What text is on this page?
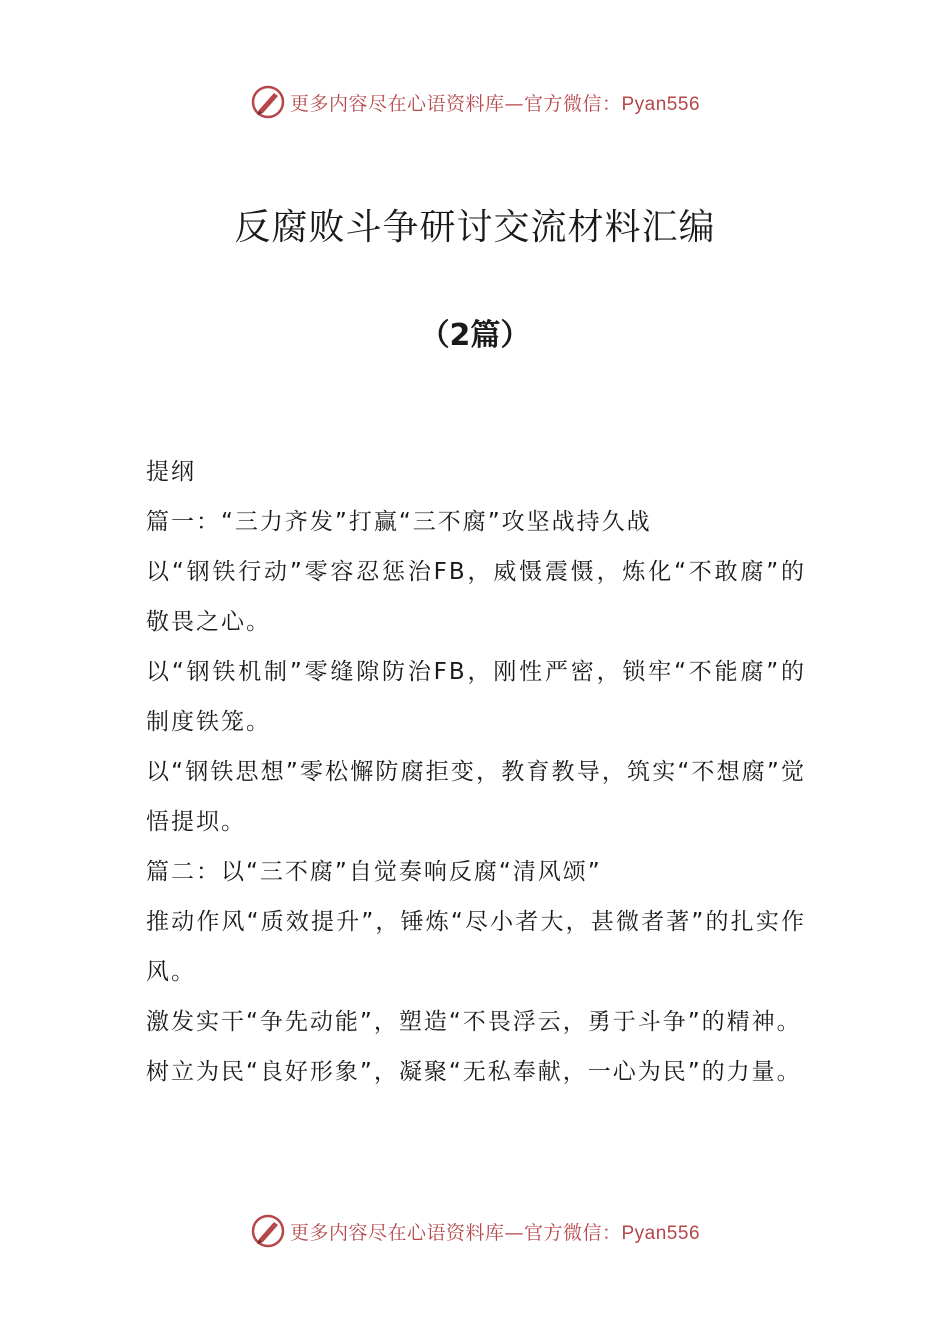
更多内容尽在心语资料库—官方微信：Pyan556
反腐败斗争研讨交流材料汇编
（2篇）

提纲

篇一：“三力齐发”打赢“三不腐”攻坚战持久战

以“钢铁行动”零容忍惩治FB，威慑震慑，炼化“不敢腐”的敬畏之心。

以“钢铁机制”零缝隙防治FB，刚性严密，锁牢“不能腐”的制度铁笼。

以“钢铁思想”零松懈防腐拒变，教育教导，筑实“不想腐”觉悟提坝。

篇二：以“三不腐”自觉奏响反腐“清风颂”

推动作风“质效提升”，锤炼“尽小者大，甚微者著”的扎实作风。

激发实干“争先动能”，塑造“不畏浮云，勇于斗争”的精神。

树立为民“良好形象”，凝聚“无私奉献，一心为民”的力量。

更多内容尽在心语资料库—官方微信：Pyan556
